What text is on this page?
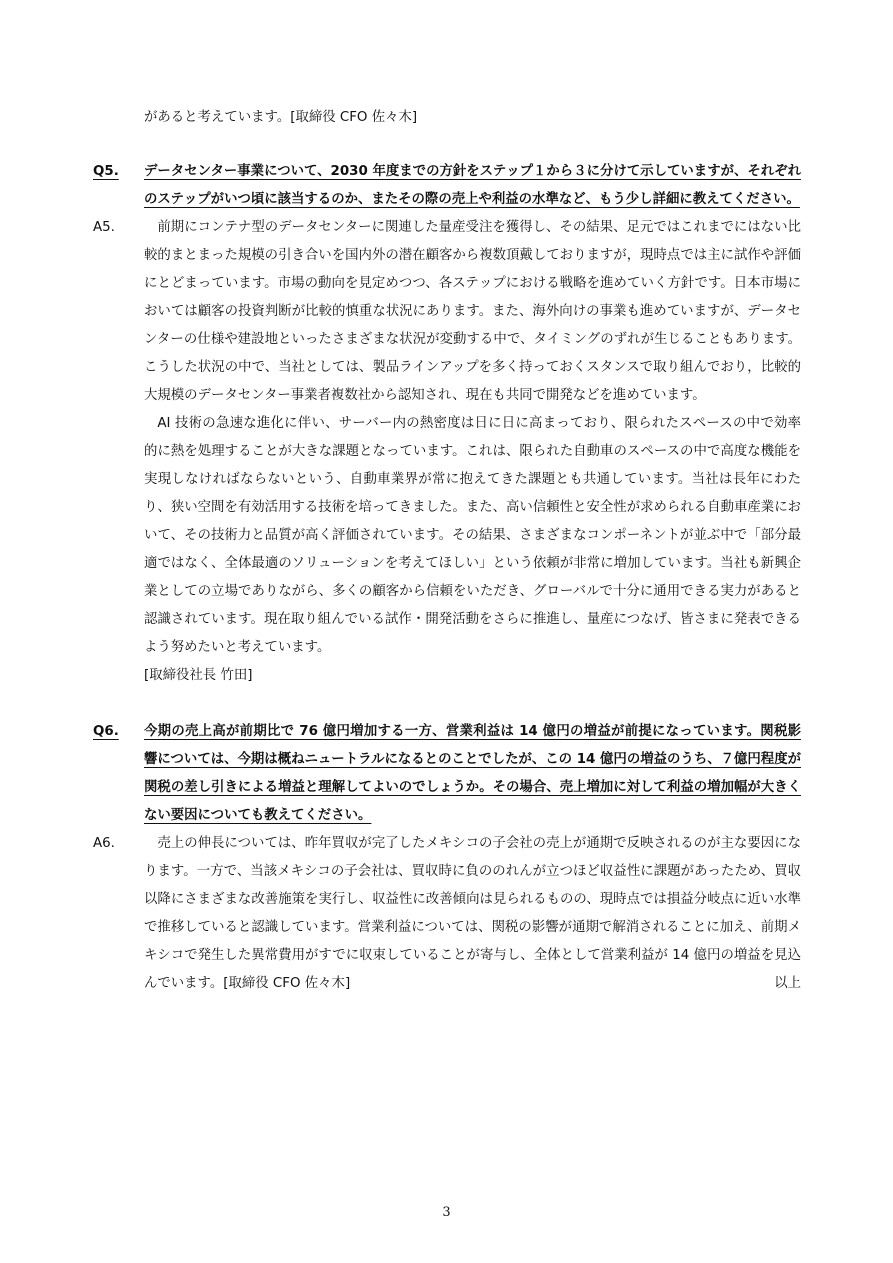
があると考えています。[取締役 CFO 佐々木]
Q5.	データセンター事業について、2030 年度までの方針をステップ１から３に分けて示していますが、それぞれのステップがいつ頃に該当するのか、またその際の売上や利益の水準など、もう少し詳細に教えてください。
A5.	前期にコンテナ型のデータセンターに関連した量産受注を獲得し、その結果、足元ではこれまでにはない比較的まとまった規模の引き合いを国内外の潜在顧客から複数頂戴しておりますが，現時点では主に試作や評価にとどまっています。市場の動向を見定めつつ、各ステップにおける戦略を進めていく方針です。日本市場においては顧客の投資判断が比較的慎重な状況にあります。また、海外向けの事業も進めていますが、データセンターの仕様や建設地といったさまざまな状況が変動する中で、タイミングのずれが生じることもあります。こうした状況の中で、当社としては、製品ラインアップを多く持っておくスタンスで取り組んでおり，比較的大規模のデータセンター事業者複数社から認知され、現在も共同で開発などを進めています。

AI 技術の急速な進化に伴い、サーバー内の熱密度は日に日に高まっており、限られたスペースの中で効率的に熱を処理することが大きな課題となっています。これは、限られた自動車のスペースの中で高度な機能を実現しなければならないという、自動車業界が常に抱えてきた課題とも共通しています。当社は長年にわたり、狭い空間を有効活用する技術を培ってきました。また、高い信頼性と安全性が求められる自動車産業において、その技術力と品質が高く評価されています。その結果、さまざまなコンポーネントが並ぶ中で「部分最適ではなく、全体最適のソリューションを考えてほしい」という依頼が非常に増加しています。当社も新興企業としての立場でありながら、多くの顧客から信頼をいただき、グローバルで十分に通用できる実力があると認識されています。現在取り組んでいる試作・開発活動をさらに推進し、量産につなげ、皆さまに発表できるよう努めたいと考えています。

[取締役社長 竹田]

Q6.	今期の売上高が前期比で 76 億円増加する一方、営業利益は 14 億円の増益が前提になっています。関税影響については、今期は概ねニュートラルになるとのことでしたが、この 14 億円の増益のうち、７億円程度が関税の差し引きによる増益と理解してよいのでしょうか。その場合、売上増加に対して利益の増加幅が大きくない要因についても教えてください。
A6.	売上の伸長については、昨年買収が完了したメキシコの子会社の売上が通期で反映されるのが主な要因になります。一方で、当該メキシコの子会社は、買収時に負ののれんが立つほど収益性に課題があったため、買収以降にさまざまな改善施策を実行し、収益性に改善傾向は見られるものの、現時点では損益分岐点に近い水準で推移していると認識しています。営業利益については、関税の影響が通期で解消されることに加え、前期メキシコで発生した異常費用がすでに収束していることが寄与し、全体として営業利益が 14 億円の増益を見込んでいます。[取締役 CFO 佐々木]	以上
3
